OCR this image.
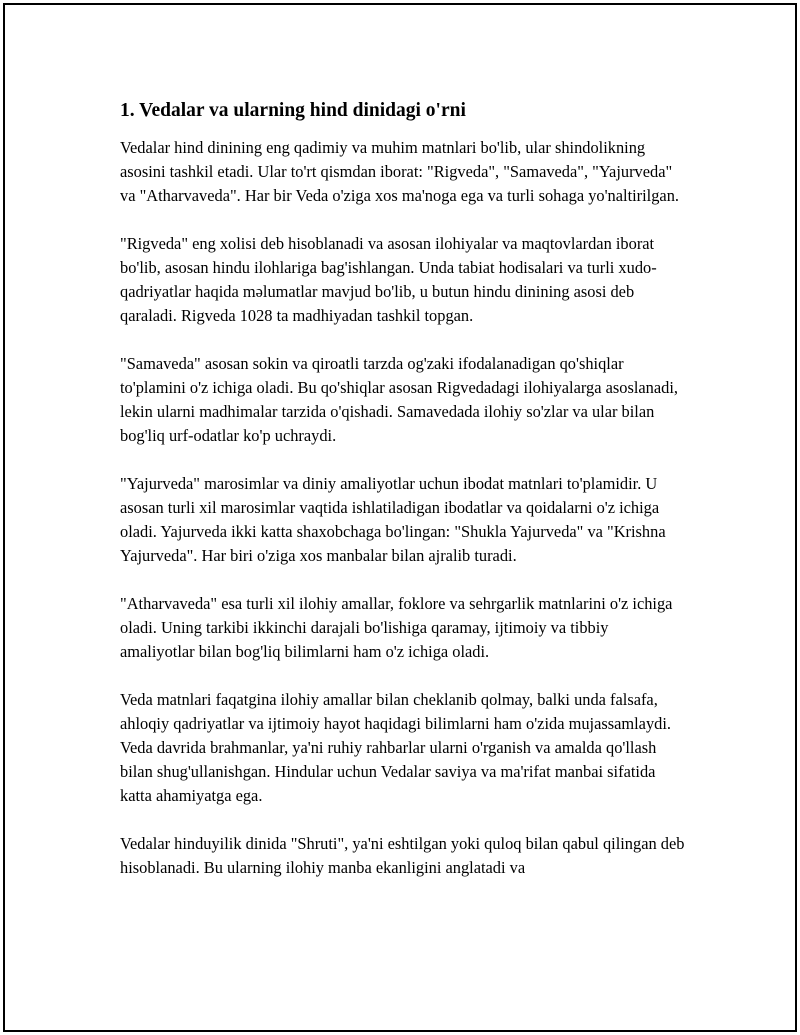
1. Vedalar va ularning hind dinidagi o'rni

Vedalar hind dinining eng qadimiy va muhim matnlari bo'lib, ular shindolikning asosini tashkil etadi. Ular to'rt qismdan iborat: "Rigveda", "Samaveda", "Yajurveda" va "Atharvaveda". Har bir Veda o'ziga xos ma'noga ega va turli sohaga yo'naltirilgan.

"Rigveda" eng xolisi deb hisoblanadi va asosan ilohiyalar va maqtovlardan iborat bo'lib, asosan hindu ilohlariga bag'ishlangan. Unda tabiat hodisalari va turli xudo-qadriyatlar haqida məlumatlar mavjud bo'lib, u butun hindu dinining asosi deb qaraladi. Rigveda 1028 ta madhiyadan tashkil topgan.

"Samaveda" asosan sokin va qiroatli tarzda og'zaki ifodalanadigan qo'shiqlar to'plamini o'z ichiga oladi. Bu qo'shiqlar asosan Rigvedadagi ilohiyalarga asoslanadi, lekin ularni madhimalar tarzida o'qishadi. Samavedada ilohiy so'zlar va ular bilan bog'liq urf-odatlar ko'p uchraydi.

"Yajurveda" marosimlar va diniy amaliyotlar uchun ibodat matnlari to'plamidir. U asosan turli xil marosimlar vaqtida ishlatiladigan ibodatlar va qoidalarni o'z ichiga oladi. Yajurveda ikki katta shaxobchaga bo'lingan: "Shukla Yajurveda" va "Krishna Yajurveda". Har biri o'ziga xos manbalar bilan ajralib turadi.

"Atharvaveda" esa turli xil ilohiy amallar, foklore va sehrgarlik matnlarini o'z ichiga oladi. Uning tarkibi ikkinchi darajali bo'lishiga qaramay, ijtimoiy va tibbiy amaliyotlar bilan bog'liq bilimlarni ham o'z ichiga oladi.

Veda matnlari faqatgina ilohiy amallar bilan cheklanib qolmay, balki unda falsafa, ahloqiy qadriyatlar va ijtimoiy hayot haqidagi bilimlarni ham o'zida mujassamlaydi. Veda davrida brahmanlar, ya'ni ruhiy rahbarlar ularni o'rganish va amalda qo'llash bilan shug'ullanishgan. Hindular uchun Vedalar saviya va ma'rifat manbai sifatida katta ahamiyatga ega.

Vedalar hinduyilik dinida "Shruti", ya'ni eshtilgan yoki quloq bilan qabul qilingan deb hisoblanadi. Bu ularning ilohiy manba ekanligini anglatadi va
